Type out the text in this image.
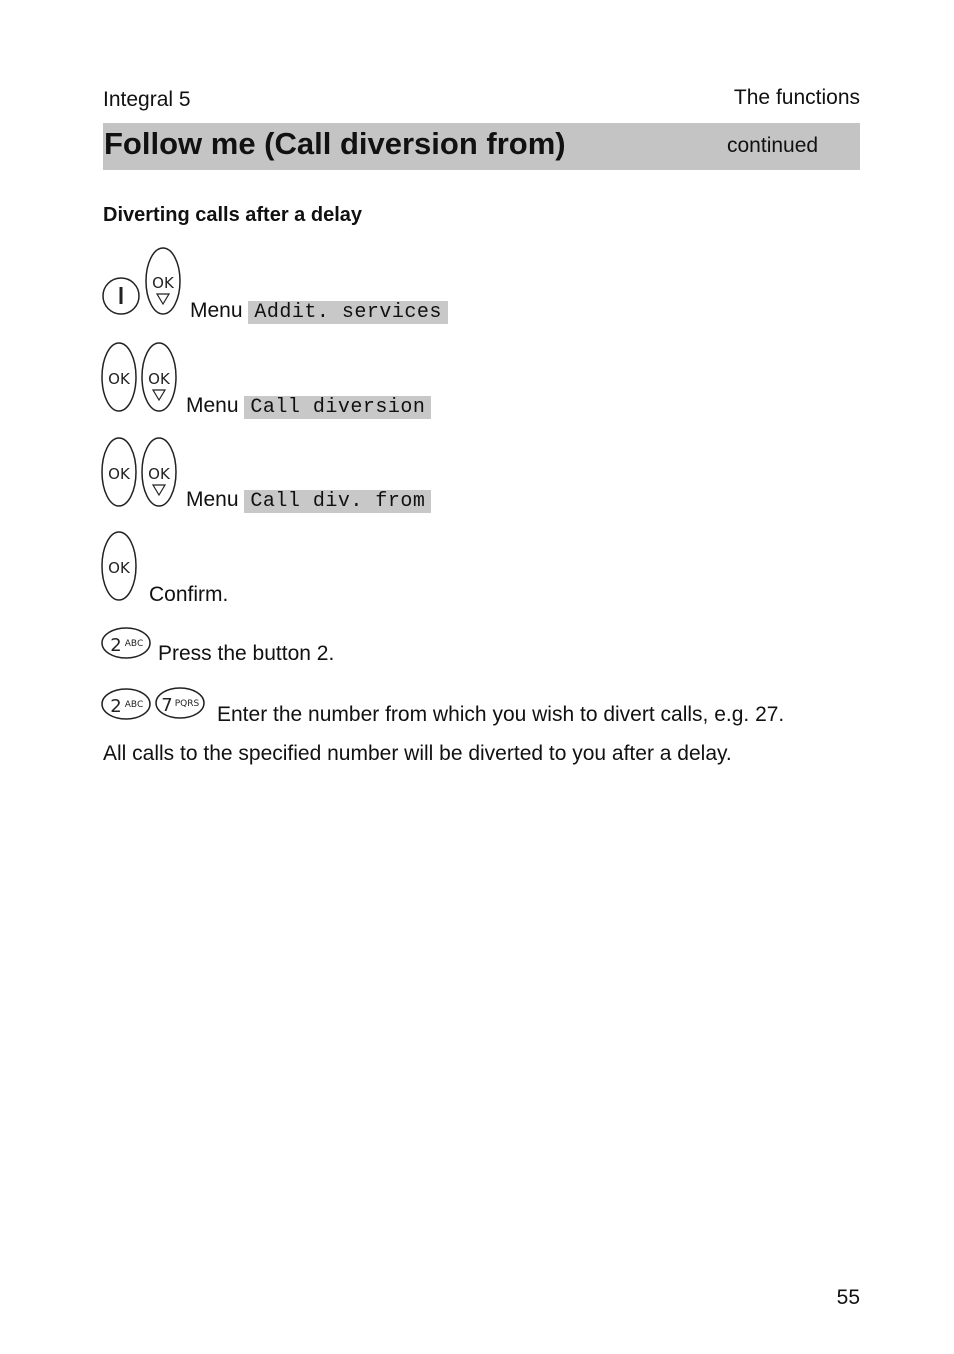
Integral 5	The functions
Follow me (Call diversion from)	continued
Diverting calls after a delay
OK
Menu Addit. services
OK OK
Menu Call diversion
OK OK
Menu Call div. from
OK
Confirm.
2 ABC Press the button 2.
2 ABC 7 PQRS Enter the number from which you wish to divert calls, e.g. 27.
All calls to the specified number will be diverted to you after a delay.
55
